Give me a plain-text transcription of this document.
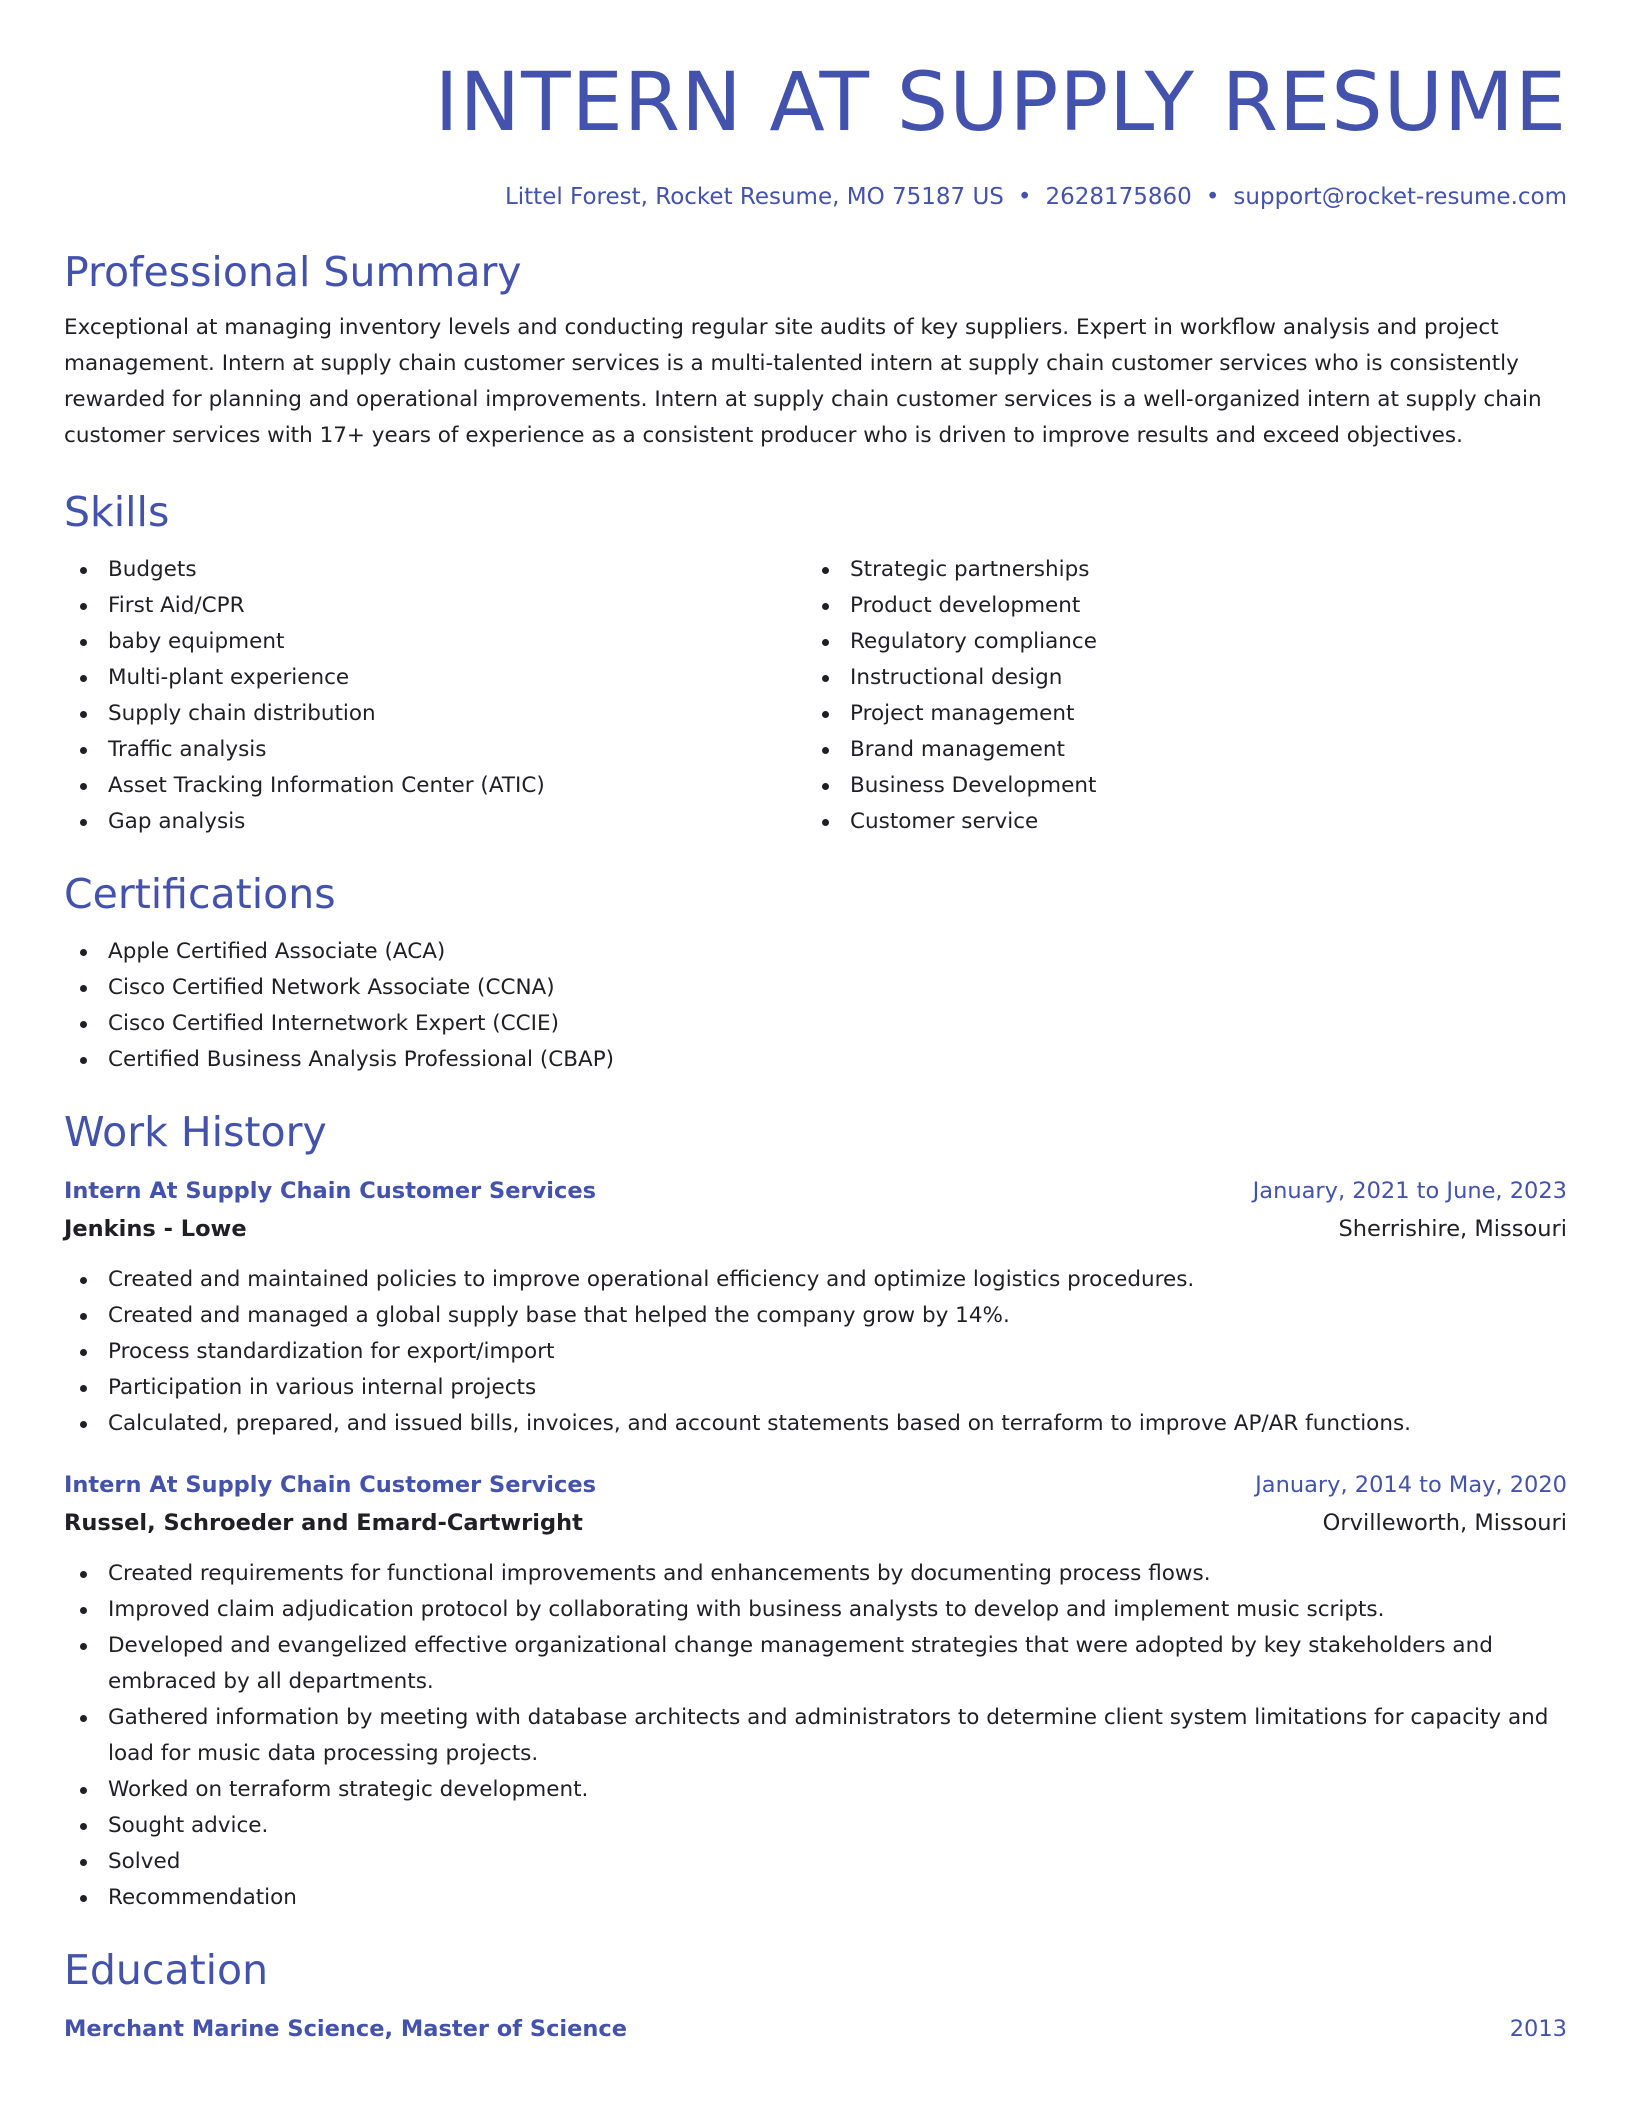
INTERN AT SUPPLY RESUME
Littel Forest, Rocket Resume, MO 75187 US • 2628175860 • support@rocket-resume.com
Professional Summary

Exceptional at managing inventory levels and conducting regular site audits of key suppliers. Expert in workflow analysis and project management. Intern at supply chain customer services is a multi-talented intern at supply chain customer services who is consistently rewarded for planning and operational improvements. Intern at supply chain customer services is a well-organized intern at supply chain customer services with 17+ years of experience as a consistent producer who is driven to improve results and exceed objectives.

Skills
Budgets
First Aid/CPR
baby equipment
Multi-plant experience
Supply chain distribution
Traffic analysis
Asset Tracking Information Center (ATIC)
Gap analysis
Strategic partnerships
Product development
Regulatory compliance
Instructional design
Project management
Brand management
Business Development
Customer service
Certifications
Apple Certified Associate (ACA)
Cisco Certified Network Associate (CCNA)
Cisco Certified Internetwork Expert (CCIE)
Certified Business Analysis Professional (CBAP)
Work History
Intern At Supply Chain Customer Services	January, 2021 to June, 2023
Jenkins - Lowe	Sherrishire, Missouri
Created and maintained policies to improve operational efficiency and optimize logistics procedures.
Created and managed a global supply base that helped the company grow by 14%.
Process standardization for export/import
Participation in various internal projects
Calculated, prepared, and issued bills, invoices, and account statements based on terraform to improve AP/AR functions.
Intern At Supply Chain Customer Services	January, 2014 to May, 2020
Russel, Schroeder and Emard-Cartwright	Orvilleworth, Missouri
Created requirements for functional improvements and enhancements by documenting process flows.
Improved claim adjudication protocol by collaborating with business analysts to develop and implement music scripts.
Developed and evangelized effective organizational change management strategies that were adopted by key stakeholders and embraced by all departments.
Gathered information by meeting with database architects and administrators to determine client system limitations for capacity and load for music data processing projects.
Worked on terraform strategic development.
Sought advice.
Solved
Recommendation
Education
Merchant Marine Science, Master of Science	2013
